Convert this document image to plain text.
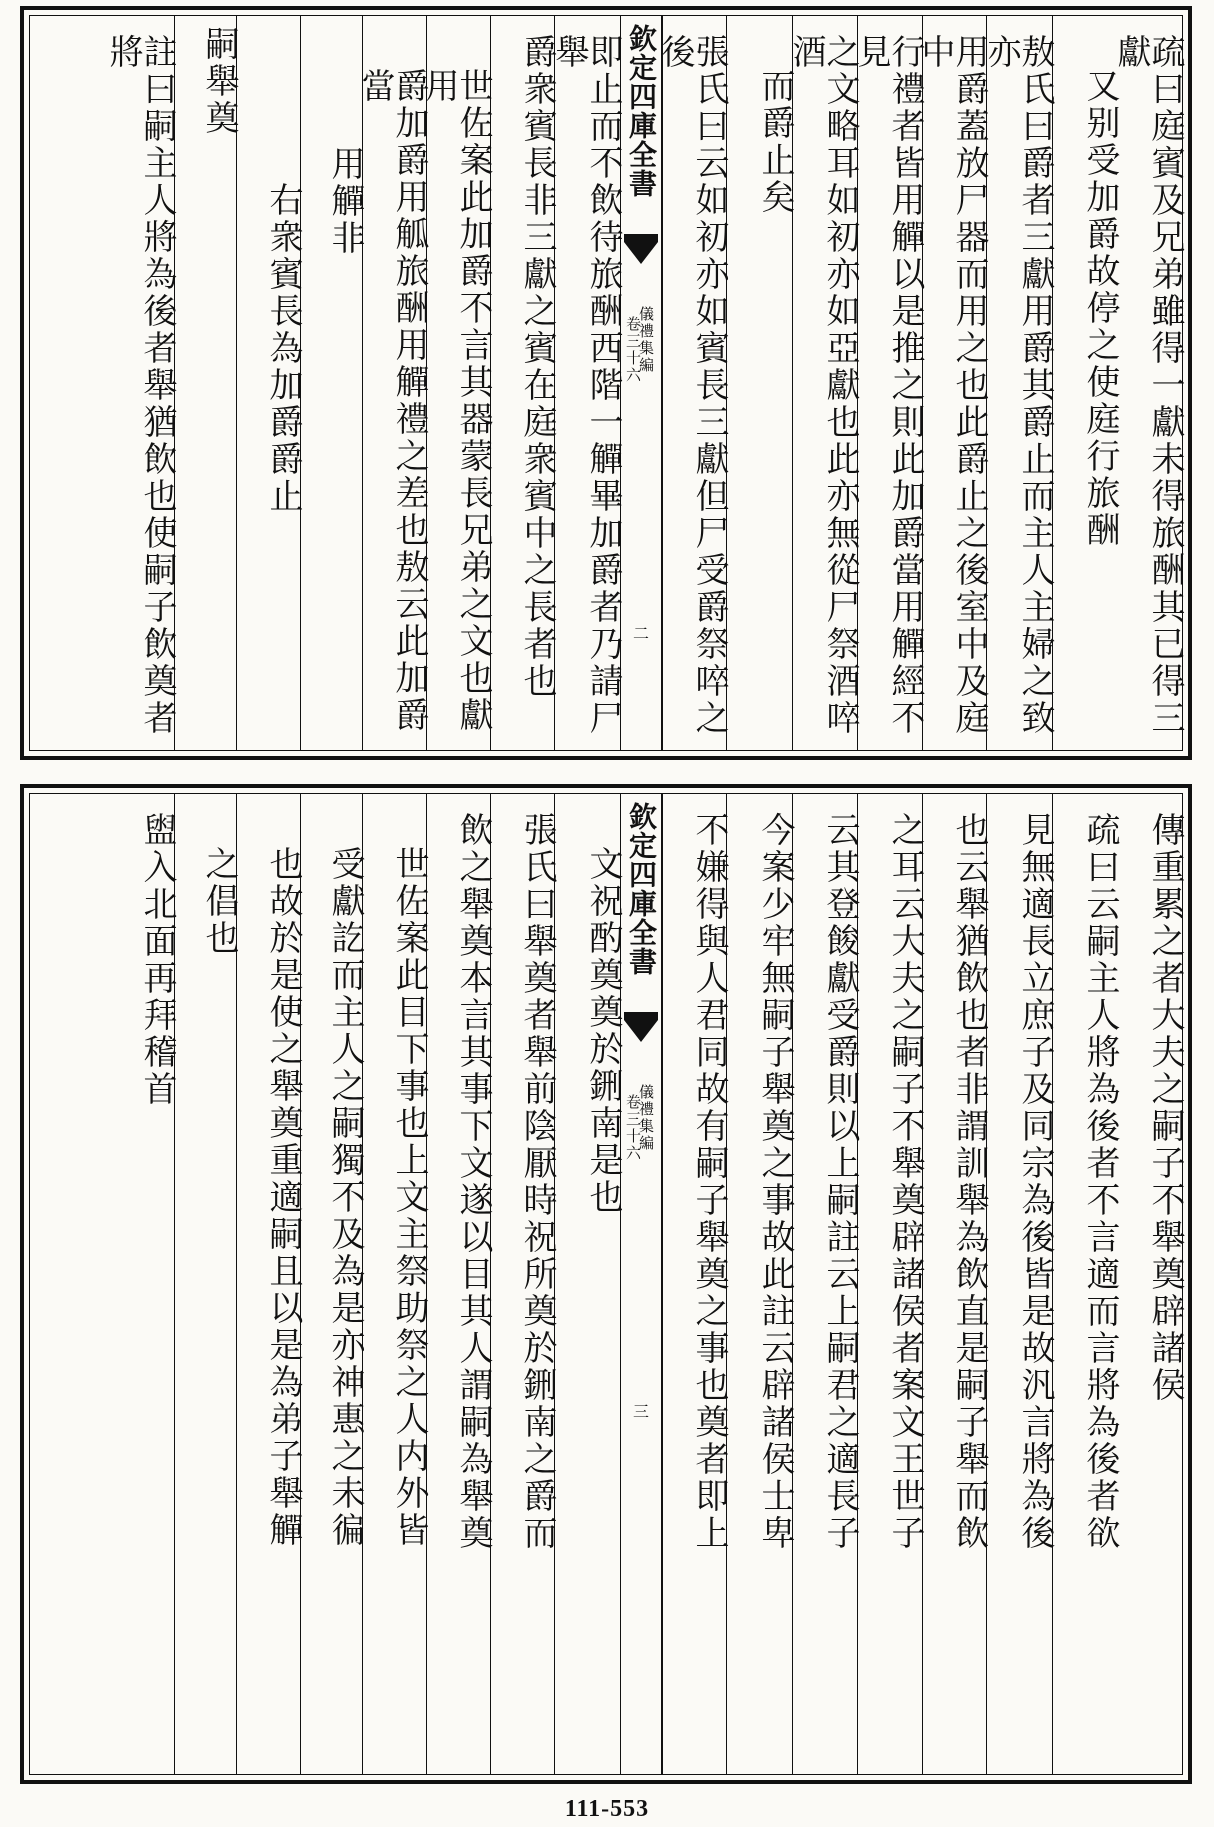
疏曰庭賓及兄弟雖得一獻未得旅酬其已得三獻
又别受加爵故停之使庭行旅酬
敖氏曰爵者三獻用爵其爵止而主人主婦之致亦
用爵蓋放尸器而用之也此爵止之後室中及庭中
行禮者皆用觶以是推之則此加爵當用觶經不見
之文略耳如初亦如亞獻也此亦無從尸祭酒啐酒
而爵止矣
張氏曰云如初亦如賓長三獻但尸受爵祭啐之後
欽定四庫全書
儀禮集編
卷三十六
二
即止而不飲待旅酬西階一觶畢加爵者乃請尸舉
爵衆賓長非三獻之賓在庭衆賓中之長者也
世佐案此加爵不言其器蒙長兄弟之文也獻用
爵加爵用觚旅酬用觶禮之差也敖云此加爵當
用觶非
右衆賓長為加爵爵止
嗣舉奠
註曰嗣主人將為後者舉猶飲也使嗣子飲奠者將
傳重累之者大夫之嗣子不舉奠辟諸侯
疏曰云嗣主人將為後者不言適而言將為後者欲
見無適長立庶子及同宗為後皆是故汎言將為後
也云舉猶飲也者非謂訓舉為飲直是嗣子舉而飲
之耳云大夫之嗣子不舉奠辟諸侯者案文王世子
云其登餕獻受爵則以上嗣註云上嗣君之適長子
今案少牢無嗣子舉奠之事故此註云辟諸侯士卑
不嫌得與人君同故有嗣子舉奠之事也奠者即上
欽定四庫全書
儀禮集編
卷三十六
三
文祝酌奠奠於鉶南是也
張氏曰舉奠者舉前陰厭時祝所奠於鉶南之爵而
飲之舉奠本言其事下文遂以目其人謂嗣為舉奠
世佐案此目下事也上文主祭助祭之人内外皆
受獻訖而主人之嗣獨不及為是亦神惠之未徧
也故於是使之舉奠重適嗣且以是為弟子舉觶
之倡也
盥入北面再拜稽首
111-553
